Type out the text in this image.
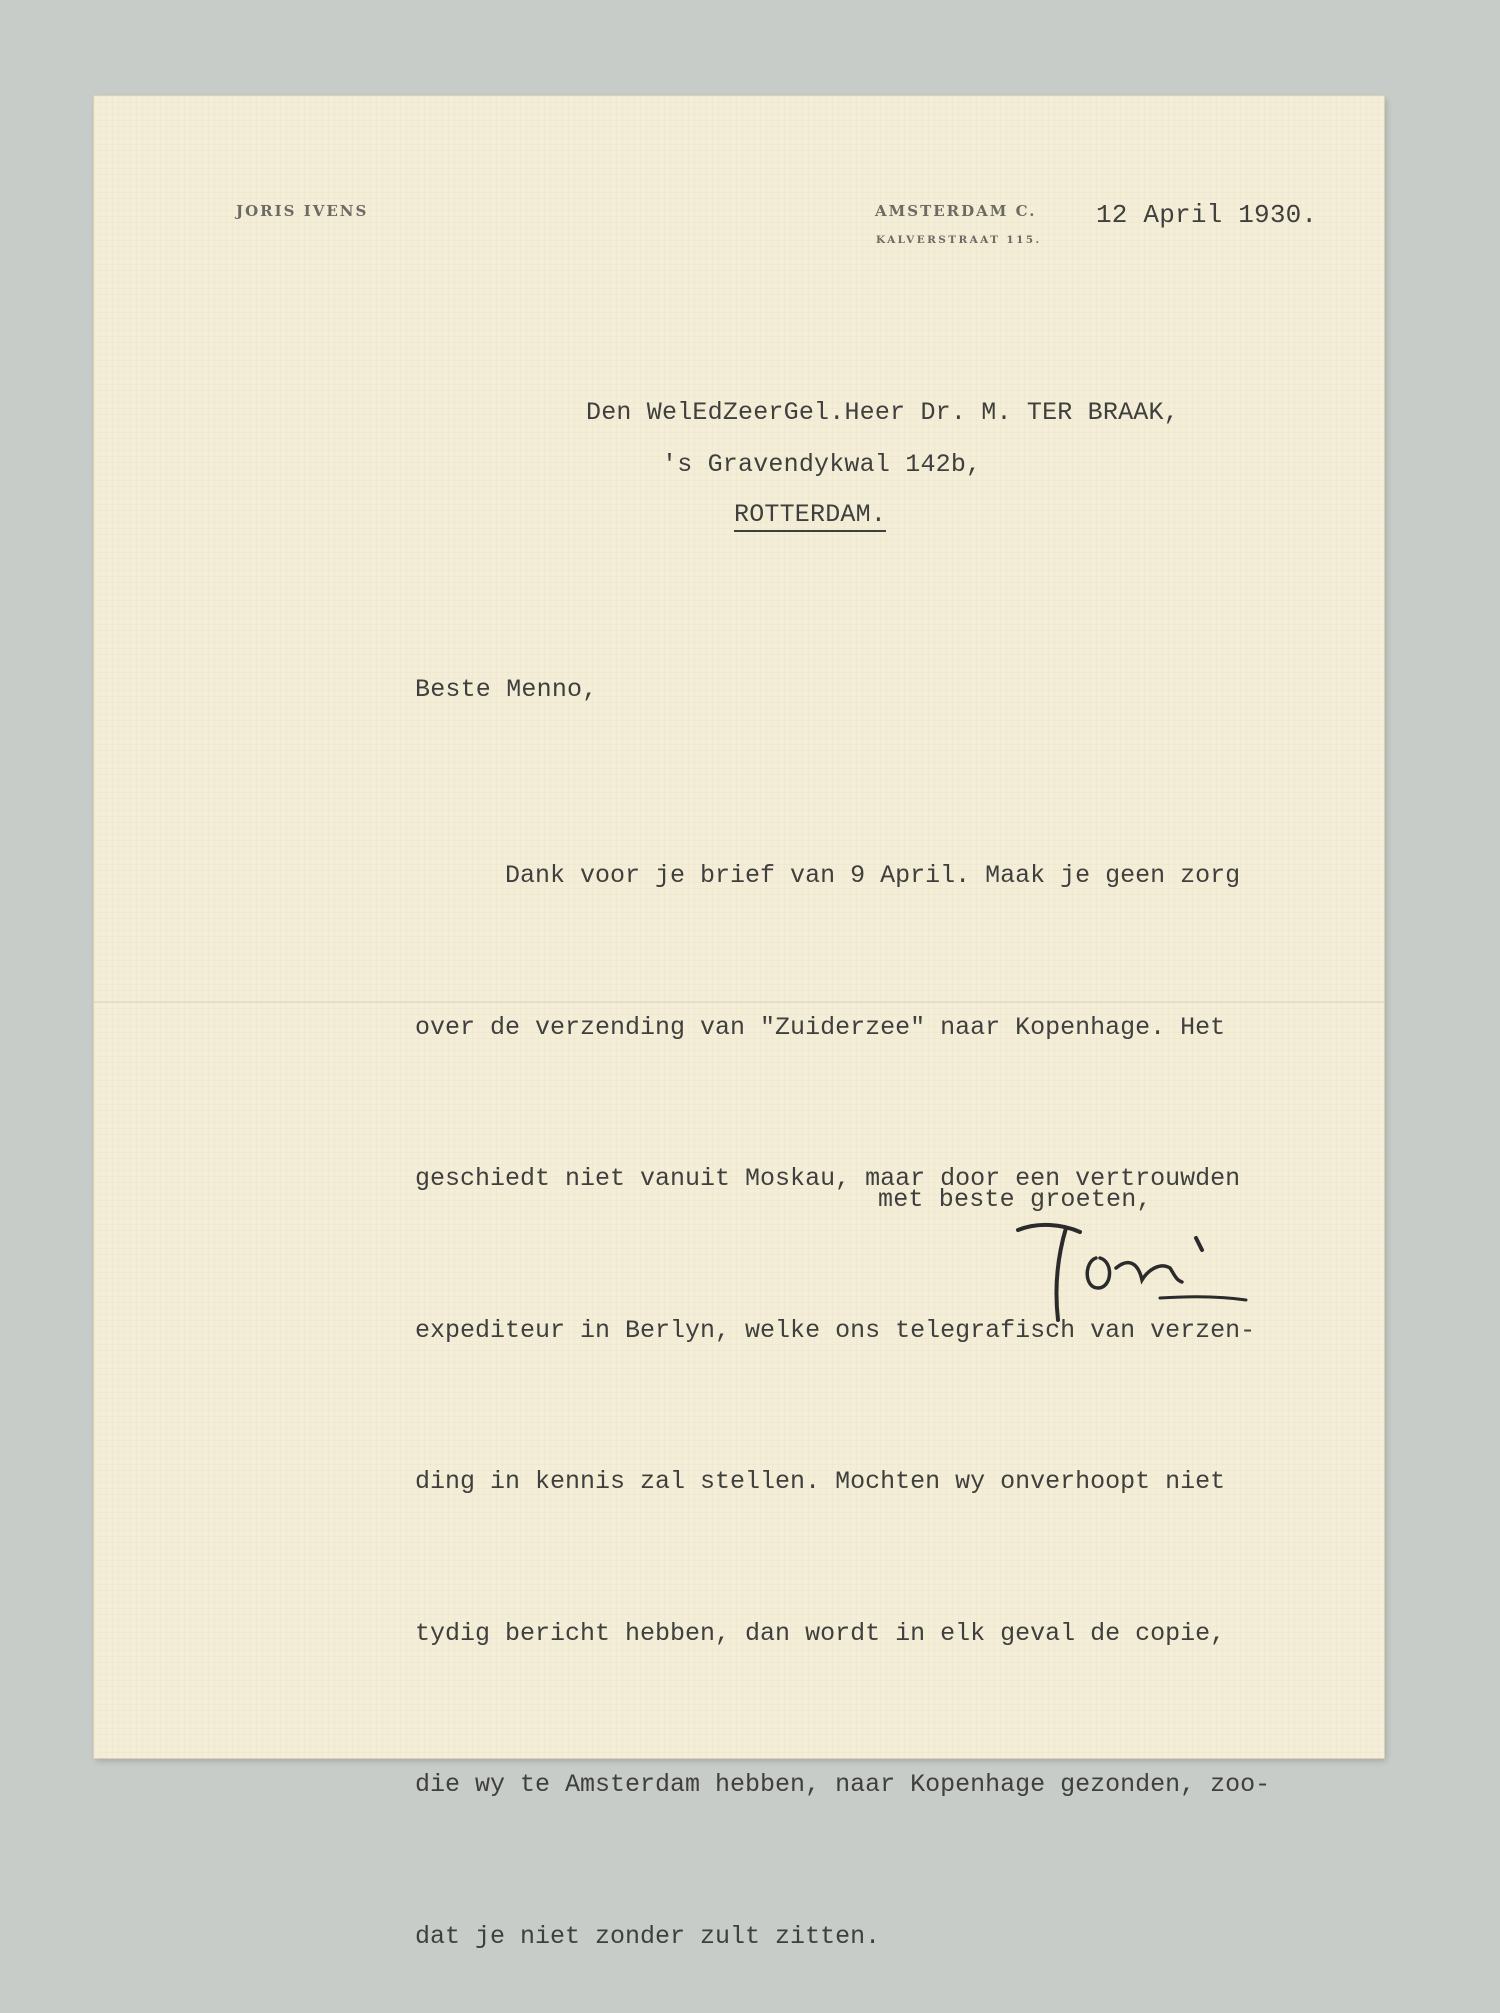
JORIS IVENS	AMSTERDAM C.
KALVERSTRAAT 115.
12 April 1930.
Den WelEdZeerGel.Heer Dr. M. TER BRAAK,
's Gravendykwal 142b,
ROTTERDAM.
Beste Menno,

Dank voor je brief van 9 April. Maak je geen zorg

over de verzending van "Zuiderzee" naar Kopenhage. Het

geschiedt niet vanuit Moskau, maar door een vertrouwden

expediteur in Berlyn, welke ons telegrafisch van verzen-

ding in kennis zal stellen. Mochten wy onverhoopt niet

tydig bericht hebben, dan wordt in elk geval de copie,

die wy te Amsterdam hebben, naar Kopenhage gezonden, zoo-

dat je niet zonder zult zitten.

met beste groeten,
